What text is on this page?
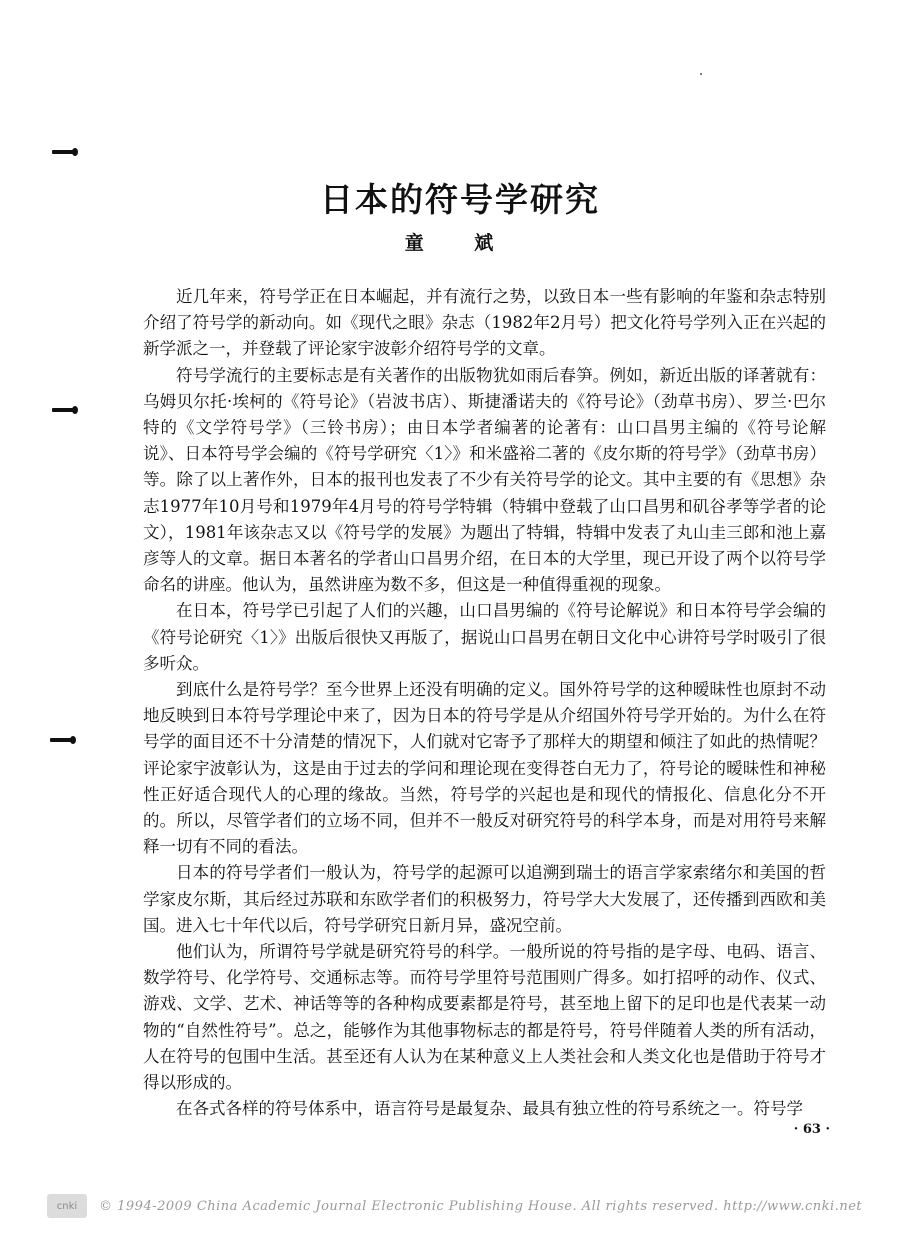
日本的符号学研究
童 斌

近几年来，符号学正在日本崛起，并有流行之势，以致日本一些有影响的年鉴和杂志特别介绍了符号学的新动向。如《现代之眼》杂志（1982年2月号）把文化符号学列入正在兴起的新学派之一，并登载了评论家宇波彰介绍符号学的文章。

符号学流行的主要标志是有关著作的出版物犹如雨后春笋。例如，新近出版的译著就有：乌姆贝尔托·埃柯的《符号论》（岩波书店）、斯捷潘诺夫的《符号论》（劲草书房）、罗兰·巴尔特的《文学符号学》（三铃书房）；由日本学者编著的论著有：山口昌男主编的《符号论解说》、日本符号学会编的《符号学研究〈1〉》和米盛裕二著的《皮尔斯的符号学》（劲草书房）等。除了以上著作外，日本的报刊也发表了不少有关符号学的论文。其中主要的有《思想》杂志1977年10月号和1979年4月号的符号学特辑（特辑中登载了山口昌男和矶谷孝等学者的论文），1981年该杂志又以《符号学的发展》为题出了特辑，特辑中发表了丸山圭三郎和池上嘉彦等人的文章。据日本著名的学者山口昌男介绍，在日本的大学里，现已开设了两个以符号学命名的讲座。他认为，虽然讲座为数不多，但这是一种值得重视的现象。

在日本，符号学已引起了人们的兴趣，山口昌男编的《符号论解说》和日本符号学会编的《符号论研究〈1〉》出版后很快又再版了，据说山口昌男在朝日文化中心讲符号学时吸引了很多听众。

到底什么是符号学？至今世界上还没有明确的定义。国外符号学的这种暧昧性也原封不动地反映到日本符号学理论中来了，因为日本的符号学是从介绍国外符号学开始的。为什么在符号学的面目还不十分清楚的情况下，人们就对它寄予了那样大的期望和倾注了如此的热情呢？评论家宇波彰认为，这是由于过去的学问和理论现在变得苍白无力了，符号论的暧昧性和神秘性正好适合现代人的心理的缘故。当然，符号学的兴起也是和现代的情报化、信息化分不开的。所以，尽管学者们的立场不同，但并不一般反对研究符号的科学本身，而是对用符号来解释一切有不同的看法。

日本的符号学者们一般认为，符号学的起源可以追溯到瑞士的语言学家索绪尔和美国的哲学家皮尔斯，其后经过苏联和东欧学者们的积极努力，符号学大大发展了，还传播到西欧和美国。进入七十年代以后，符号学研究日新月异，盛况空前。

他们认为，所谓符号学就是研究符号的科学。一般所说的符号指的是字母、电码、语言、数学符号、化学符号、交通标志等。而符号学里符号范围则广得多。如打招呼的动作、仪式、游戏、文学、艺术、神话等等的各种构成要素都是符号，甚至地上留下的足印也是代表某一动物的“自然性符号”。总之，能够作为其他事物标志的都是符号，符号伴随着人类的所有活动，人在符号的包围中生活。甚至还有人认为在某种意义上人类社会和人类文化也是借助于符号才得以形成的。

在各式各样的符号体系中，语言符号是最复杂、最具有独立性的符号系统之一。符号学

· 63 ·
cnki	© 1994-2009 China Academic Journal Electronic Publishing House. All rights reserved. http://www.cnki.net
